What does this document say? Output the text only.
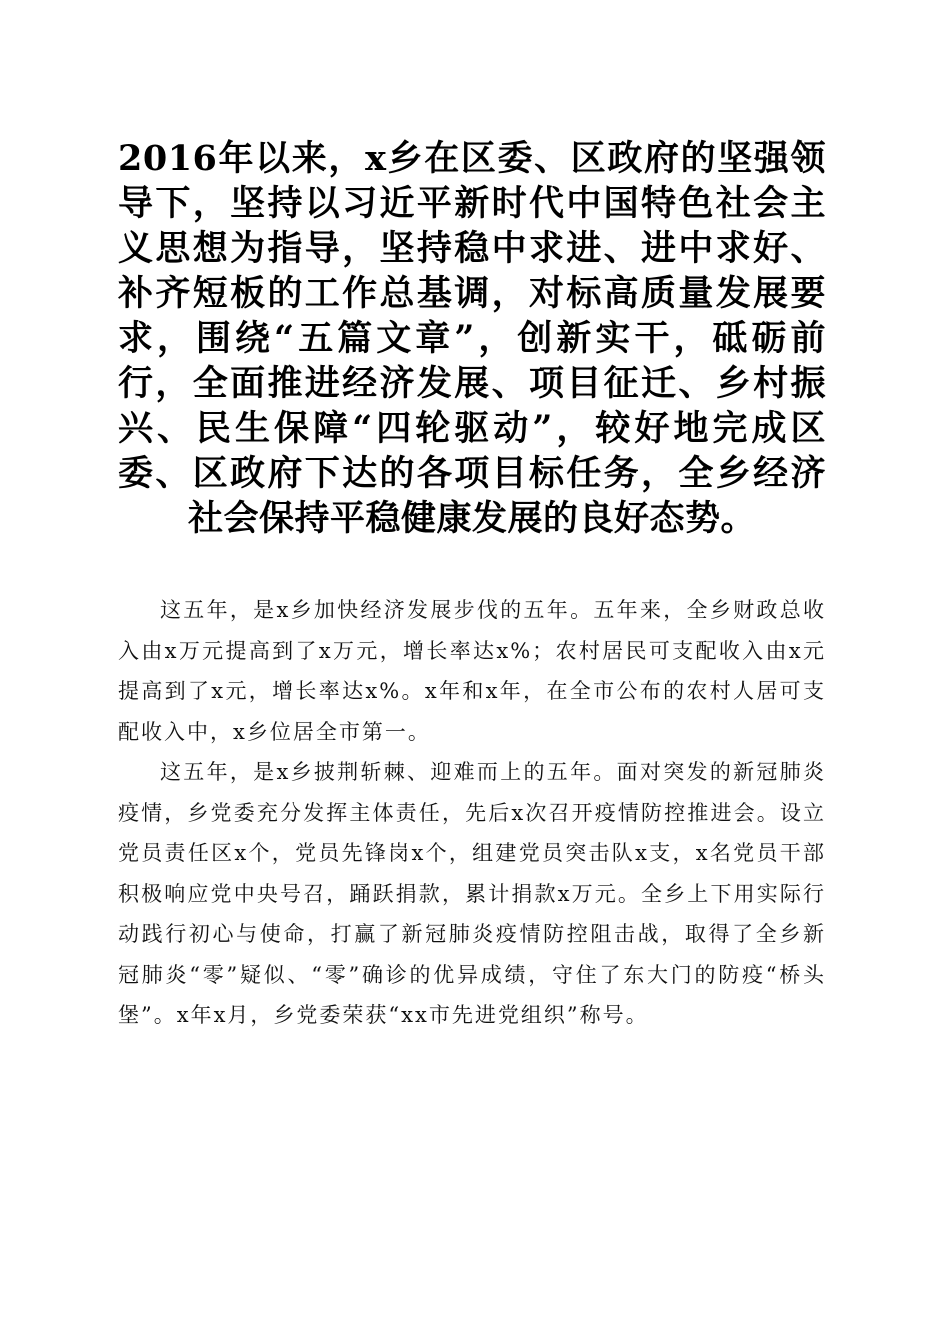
2016年以来，x乡在区委、区政府的坚强领导下，坚持以习近平新时代中国特色社会主义思想为指导，坚持稳中求进、进中求好、补齐短板的工作总基调，对标高质量发展要求，围绕“五篇文章”，创新实干，砥砺前行，全面推进经济发展、项目征迁、乡村振兴、民生保障“四轮驱动”，较好地完成区委、区政府下达的各项目标任务，全乡经济社会保持平稳健康发展的良好态势。

这五年，是x乡加快经济发展步伐的五年。五年来，全乡财政总收入由x万元提高到了x万元，增长率达x%；农村居民可支配收入由x元提高到了x元，增长率达x%。x年和x年，在全市公布的农村人居可支配收入中，x乡位居全市第一。

这五年，是x乡披荆斩棘、迎难而上的五年。面对突发的新冠肺炎疫情，乡党委充分发挥主体责任，先后x次召开疫情防控推进会。设立党员责任区x个，党员先锋岗x个，组建党员突击队x支，x名党员干部积极响应党中央号召，踊跃捐款，累计捐款x万元。全乡上下用实际行动践行初心与使命，打赢了新冠肺炎疫情防控阻击战，取得了全乡新冠肺炎“零”疑似、“零”确诊的优异成绩，守住了东大门的防疫“桥头堡”。x年x月，乡党委荣获“xx市先进党组织”称号。
